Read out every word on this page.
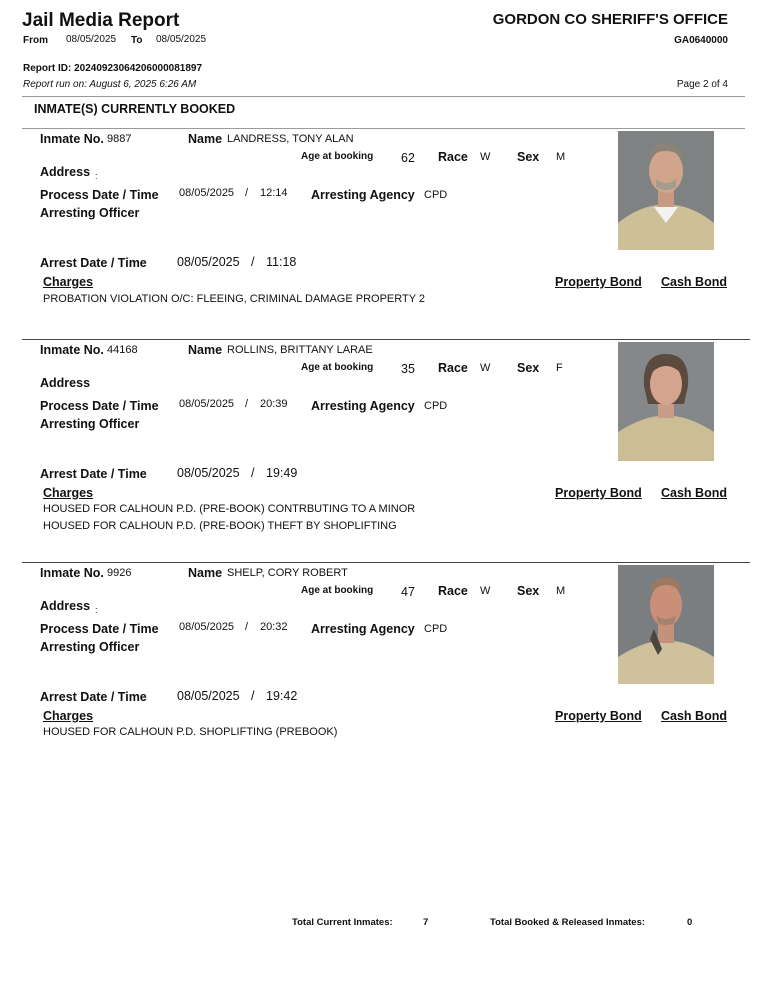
Jail Media Report	GORDON CO SHERIFF'S OFFICE
From 08/05/2025 To 08/05/2025	GA0640000
Report ID: 20240923064206000081897
Report run on: August 6, 2025 6:26 AM	Page 2 of 4
INMATE(S) CURRENTLY BOOKED
Inmate No. 9887	Name LANDRESS, TONY ALAN
Age at booking 62 Race W Sex M
Address :
Process Date / Time 08/05/2025 / 12:14 Arresting Agency CPD
Arresting Officer
Arrest Date / Time 08/05/2025 / 11:18
Charges	Property Bond Cash Bond
PROBATION VIOLATION O/C: FLEEING, CRIMINAL DAMAGE PROPERTY 2
Inmate No. 44168	Name ROLLINS, BRITTANY LARAE
Age at booking 35 Race W Sex F
Address
Process Date / Time 08/05/2025 / 20:39 Arresting Agency CPD
Arresting Officer
Arrest Date / Time 08/05/2025 / 19:49
Charges	Property Bond Cash Bond
HOUSED FOR CALHOUN P.D. (PRE-BOOK) CONTRBUTING TO A MINOR
HOUSED FOR CALHOUN P.D. (PRE-BOOK) THEFT BY SHOPLIFTING
Inmate No. 9926	Name SHELP, CORY ROBERT
Age at booking 47 Race W Sex M
Address :
Process Date / Time 08/05/2025 / 20:32 Arresting Agency CPD
Arresting Officer
Arrest Date / Time 08/05/2025 / 19:42
Charges	Property Bond Cash Bond
HOUSED FOR CALHOUN P.D. SHOPLIFTING (PREBOOK)
Total Current Inmates:	7	Total Booked & Released Inmates:	0
